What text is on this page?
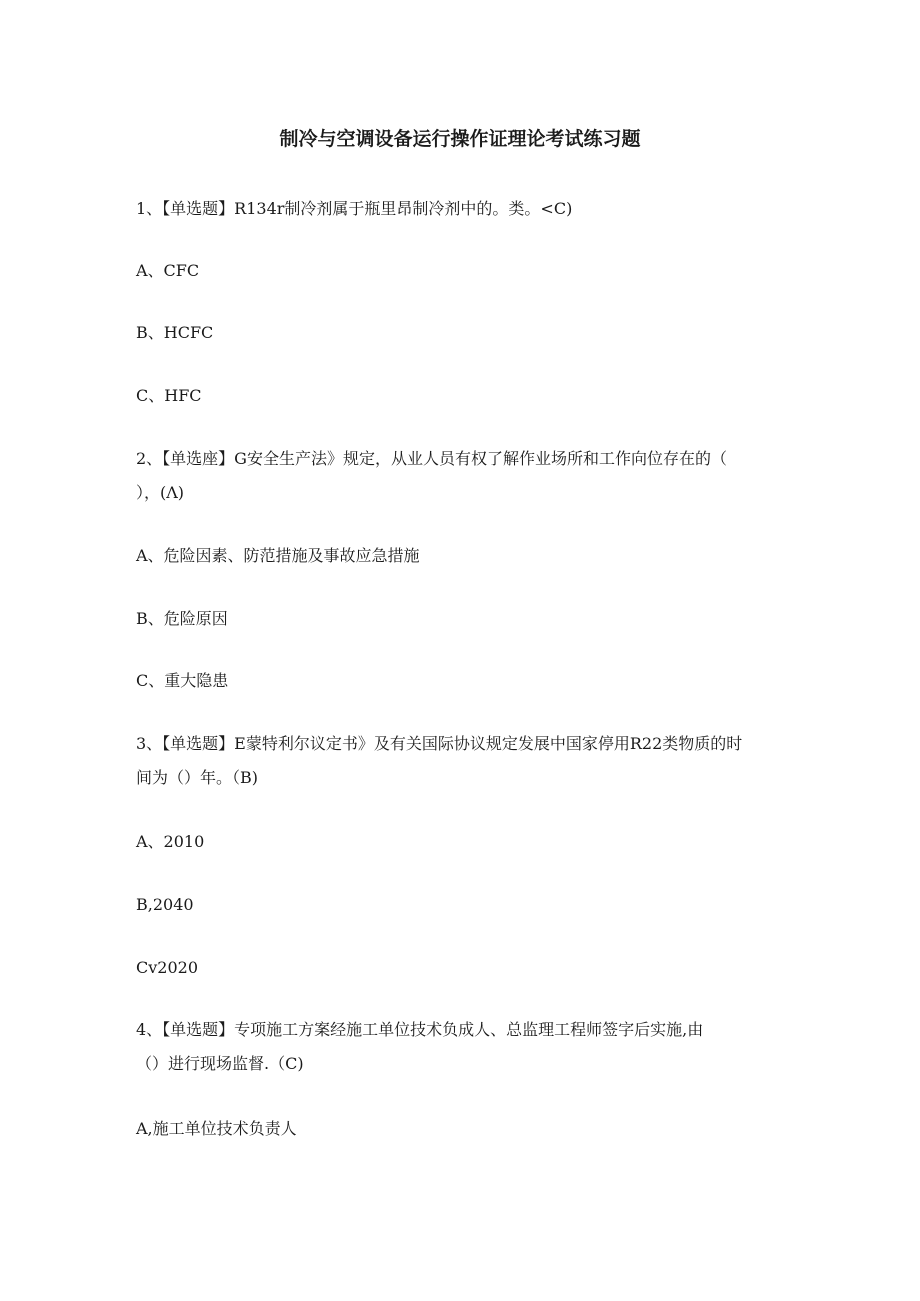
制冷与空调设备运行操作证理论考试练习题
1、【单选题】R134r制冷剂属于瓶里昂制冷剂中的。类。<C)
A、CFC
B、HCFC
C、HFC
2、【单选座】G安全生产法》规定，从业人员有权了解作业场所和工作向位存在的（
），(Λ)
A、危险因素、防范措施及事故应急措施
B、危险原因
C、重大隐患
3、【单选题】E蒙特利尔议定书》及有关国际协议规定发展中国家停用R22类物质的时
间为（）年。（B)
A、2010
B,2040
Cv2020
4、【单选题】专项施工方案经施工单位技术负成人、总监理工程师签字后实施,由
（）进行现场监督.（C)
A,施工单位技术负责人
